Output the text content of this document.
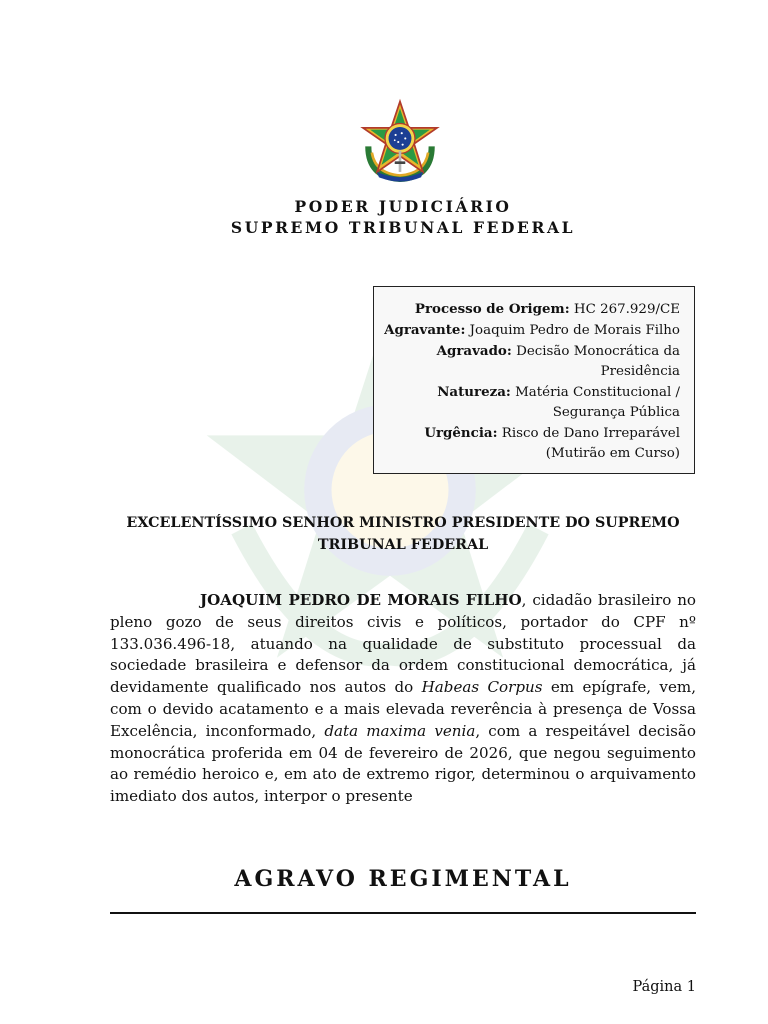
PODER JUDICIÁRIO
SUPREMO TRIBUNAL FEDERAL
Processo de Origem: HC 267.929/CE
Agravante: Joaquim Pedro de Morais Filho
Agravado: Decisão Monocrática da
Presidência
Natureza: Matéria Constitucional /
Segurança Pública
Urgência: Risco de Dano Irreparável
(Mutirão em Curso)
EXCELENTÍSSIMO SENHOR MINISTRO PRESIDENTE DO SUPREMO
TRIBUNAL FEDERAL

JOAQUIM PEDRO DE MORAIS FILHO, cidadão brasileiro no pleno gozo de seus direitos civis e políticos, portador do CPF nº 133.036.496-18, atuando na qualidade de substituto processual da sociedade brasileira e defensor da ordem constitucional democrática, já devidamente qualificado nos autos do Habeas Corpus em epígrafe, vem, com o devido acatamento e a mais elevada reverência à presença de Vossa Excelência, inconformado, data maxima venia, com a respeitável decisão monocrática proferida em 04 de fevereiro de 2026, que negou seguimento ao remédio heroico e, em ato de extremo rigor, determinou o arquivamento imediato dos autos, interpor o presente

AGRAVO REGIMENTAL
Página 1
